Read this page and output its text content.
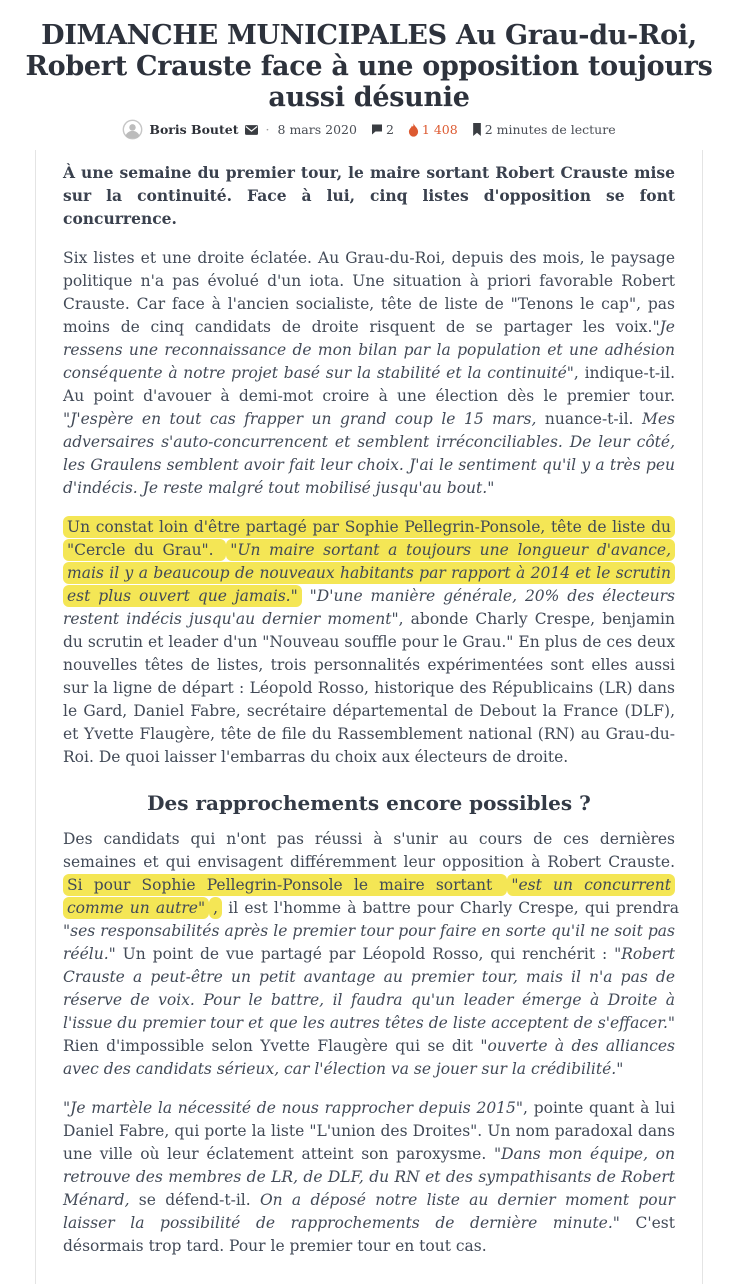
DIMANCHE MUNICIPALES Au Grau-du-Roi, Robert Crauste face à une opposition toujours aussi désunie
Boris Boutet · 8 mars 2020 2 1 408 2 minutes de lecture

À une semaine du premier tour, le maire sortant Robert Crauste mise sur la continuité. Face à lui, cinq listes d'opposition se font concurrence.

Six listes et une droite éclatée. Au Grau-du-Roi, depuis des mois, le paysage politique n'a pas évolué d'un iota. Une situation à priori favorable Robert Crauste. Car face à l'ancien socialiste, tête de liste de "Tenons le cap", pas moins de cinq candidats de droite risquent de se partager les voix."Je ressens une reconnaissance de mon bilan par la population et une adhésion conséquente à notre projet basé sur la stabilité et la continuité", indique-t-il. Au point d'avouer à demi-mot croire à une élection dès le premier tour. "J'espère en tout cas frapper un grand coup le 15 mars, nuance-t-il. Mes adversaires s'auto-concurrencent et semblent irréconciliables. De leur côté, les Graulens semblent avoir fait leur choix. J'ai le sentiment qu'il y a très peu d'indécis. Je reste malgré tout mobilisé jusqu'au bout."

Un constat loin d'être partagé par Sophie Pellegrin-Ponsole, tête de liste du "Cercle du Grau". "Un maire sortant a toujours une longueur d'avance, mais il y a beaucoup de nouveaux habitants par rapport à 2014 et le scrutin est plus ouvert que jamais." "D'une manière générale, 20% des électeurs restent indécis jusqu'au dernier moment", abonde Charly Crespe, benjamin du scrutin et leader d'un "Nouveau souffle pour le Grau." En plus de ces deux nouvelles têtes de listes, trois personnalités expérimentées sont elles aussi sur la ligne de départ : Léopold Rosso, historique des Républicains (LR) dans le Gard, Daniel Fabre, secrétaire départemental de Debout la France (DLF), et Yvette Flaugère, tête de file du Rassemblement national (RN) au Grau-du-Roi. De quoi laisser l'embarras du choix aux électeurs de droite.

Des rapprochements encore possibles ?

Des candidats qui n'ont pas réussi à s'unir au cours de ces dernières semaines et qui envisagent différemment leur opposition à Robert Crauste. Si pour Sophie Pellegrin-Ponsole le maire sortant "est un concurrent comme un autre" , il est l'homme à battre pour Charly Crespe, qui prendra "ses responsabilités après le premier tour pour faire en sorte qu'il ne soit pas réélu." Un point de vue partagé par Léopold Rosso, qui renchérit : "Robert Crauste a peut-être un petit avantage au premier tour, mais il n'a pas de réserve de voix. Pour le battre, il faudra qu'un leader émerge à Droite à l'issue du premier tour et que les autres têtes de liste acceptent de s'effacer." Rien d'impossible selon Yvette Flaugère qui se dit "ouverte à des alliances avec des candidats sérieux, car l'élection va se jouer sur la crédibilité."

"Je martèle la nécessité de nous rapprocher depuis 2015", pointe quant à lui Daniel Fabre, qui porte la liste "L'union des Droites". Un nom paradoxal dans une ville où leur éclatement atteint son paroxysme. "Dans mon équipe, on retrouve des membres de LR, de DLF, du RN et des sympathisants de Robert Ménard, se défend-t-il. On a déposé notre liste au dernier moment pour laisser la possibilité de rapprochements de dernière minute." C'est désormais trop tard. Pour le premier tour en tout cas.
